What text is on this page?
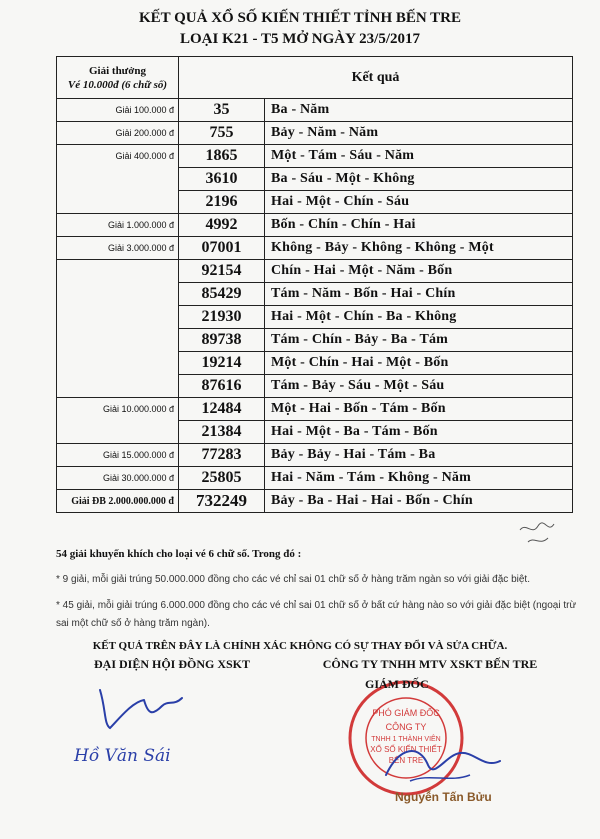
KẾT QUẢ XỔ SỐ KIẾN THIẾT TỈNH BẾN TRE
LOẠI K21 - T5 MỞ NGÀY 23/5/2017
Giải thưởng
Vé 10.000đ (6 chữ số)	Kết quả	
Giải 100.000 đ	35	Ba - Năm
Giải 200.000 đ	755	Bảy - Năm - Năm
Giải 400.000 đ	1865	Một - Tám - Sáu - Năm
	3610	Ba - Sáu - Một - Không
	2196	Hai - Một - Chín - Sáu
Giải 1.000.000 đ	4992	Bốn - Chín - Chín - Hai
Giải 3.000.000 đ	07001	Không - Bảy - Không - Không - Một
	92154	Chín - Hai - Một - Năm - Bốn
	85429	Tám - Năm - Bốn - Hai - Chín
	21930	Hai - Một - Chín - Ba - Không
	89738	Tám - Chín - Bảy - Ba - Tám
	19214	Một - Chín - Hai - Một - Bốn
	87616	Tám - Bảy - Sáu - Một - Sáu
Giải 10.000.000 đ	12484	Một - Hai - Bốn - Tám - Bốn
	21384	Hai - Một - Ba - Tám - Bốn
Giải 15.000.000 đ	77283	Bảy - Bảy - Hai - Tám - Ba
Giải 30.000.000 đ	25805	Hai - Năm - Tám - Không - Năm
Giải ĐB 2.000.000.000 đ	732249	Bảy - Ba - Hai - Hai - Bốn - Chín

54 giải khuyến khích cho loại vé 6 chữ số. Trong đó :

* 9 giải, mỗi giải trúng 50.000.000 đồng cho các vé chỉ sai 01 chữ số ở hàng trăm ngàn so với giải đặc biệt.

* 45 giải, mỗi giải trúng 6.000.000 đồng cho các vé chỉ sai 01 chữ số ở bất cứ hàng nào so với giải đặc biệt (ngoại trừ sai một chữ số ở hàng trăm ngàn).

KẾT QUẢ TRÊN ĐÂY LÀ CHÍNH XÁC KHÔNG CÓ SỰ THAY ĐỔI VÀ SỬA CHỮA.

ĐẠI DIỆN HỘI ĐỒNG XSKT	CÔNG TY TNHH MTV XSKT BẾN TRE

PHÓ GIÁM ĐỐC
CÔNG TY
TNHH 1 THÀNH VIÊN
XỔ SỐ KIẾN THIẾT
BẾN TRE

GIÁM ĐỐC

Hồ Văn Sái

Nguyễn Tấn Bửu
